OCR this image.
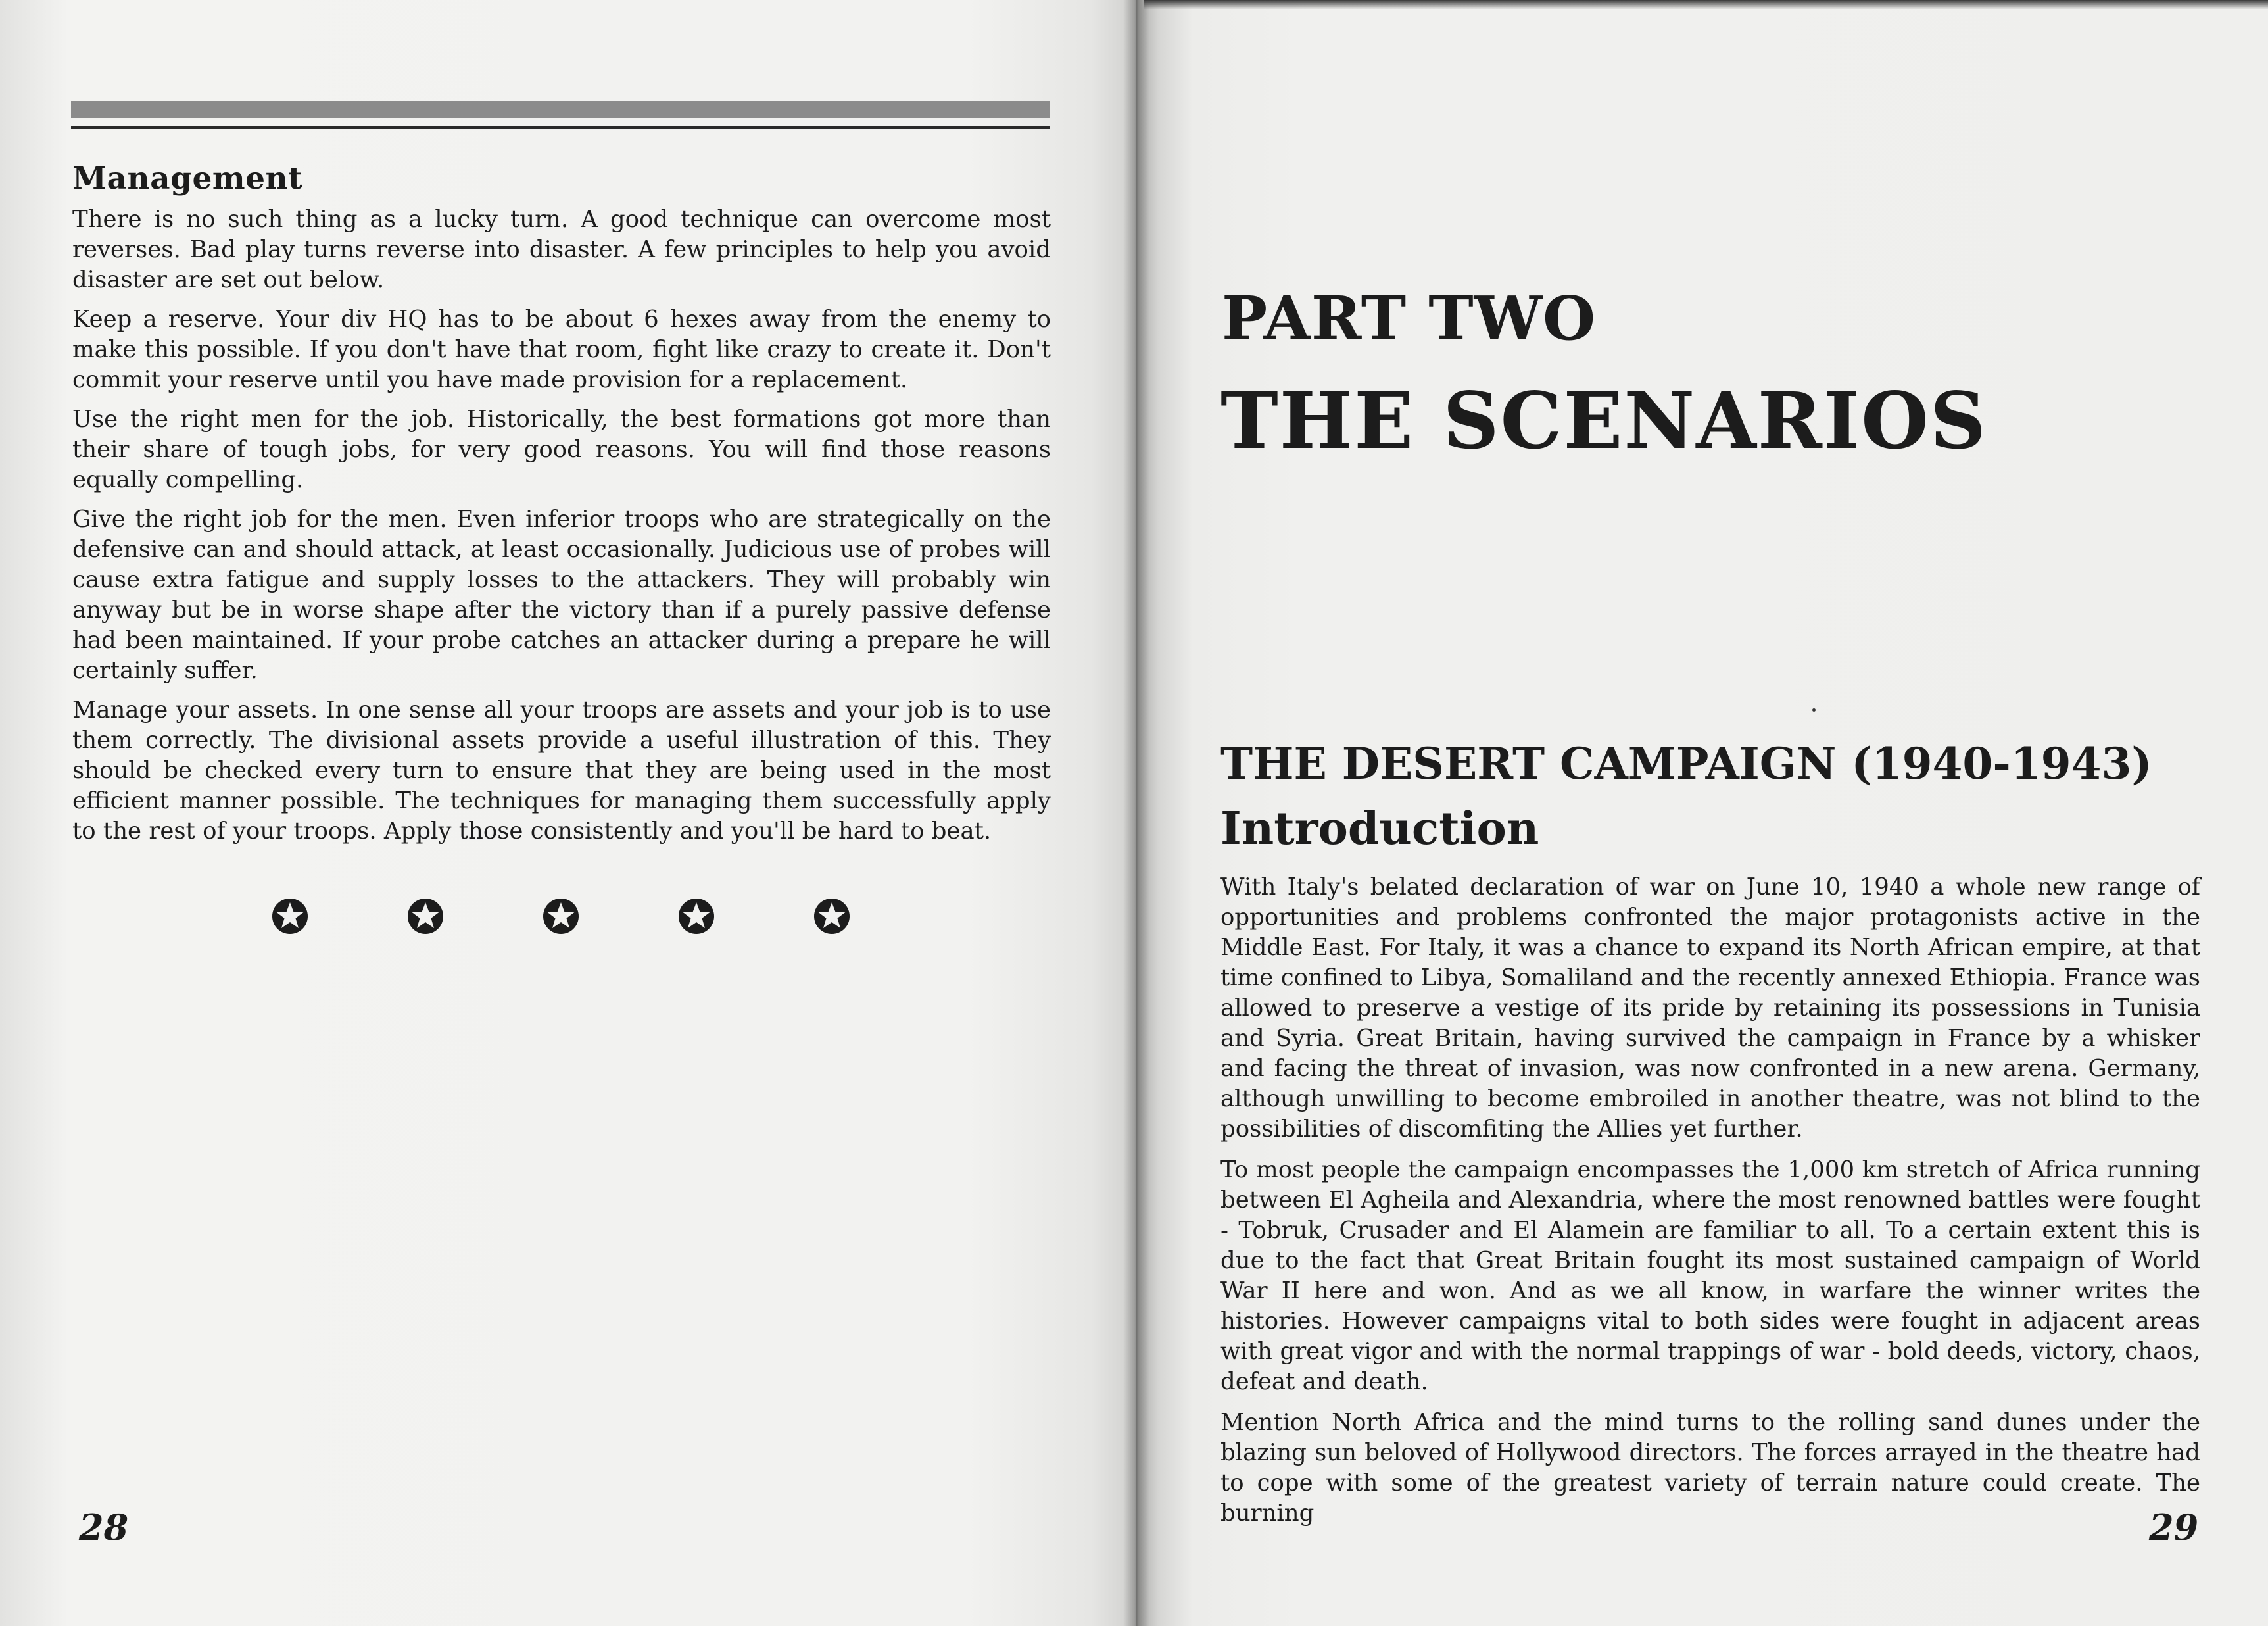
Management

There is no such thing as a lucky turn. A good technique can overcome most reverses. Bad play turns reverse into disaster. A few principles to help you avoid disaster are set out below.

Keep a reserve. Your div HQ has to be about 6 hexes away from the enemy to make this possible. If you don't have that room, fight like crazy to create it. Don't commit your reserve until you have made provision for a replacement.

Use the right men for the job. Historically, the best formations got more than their share of tough jobs, for very good reasons. You will find those reasons equally compelling.

Give the right job for the men. Even inferior troops who are strategically on the defensive can and should attack, at least occasionally. Judicious use of probes will cause extra fatigue and supply losses to the attackers. They will probably win anyway but be in worse shape after the victory than if a purely passive defense had been maintained. If your probe catches an attacker during a prepare he will certainly suffer.

Manage your assets. In one sense all your troops are assets and your job is to use them correctly. The divisional assets provide a useful illustration of this. They should be checked every turn to ensure that they are being used in the most efficient manner possible. The techniques for managing them successfully apply to the rest of your troops. Apply those consistently and you'll be hard to beat.

28
PART TWO
THE SCENARIOS
THE DESERT CAMPAIGN (1940-1943)
Introduction

With Italy's belated declaration of war on June 10, 1940 a whole new range of opportunities and problems confronted the major protagonists active in the Middle East. For Italy, it was a chance to expand its North African empire, at that time confined to Libya, Somaliland and the recently annexed Ethiopia. France was allowed to preserve a vestige of its pride by retaining its possessions in Tunisia and Syria. Great Britain, having survived the campaign in France by a whisker and facing the threat of invasion, was now confronted in a new arena. Germany, although unwilling to become embroiled in another theatre, was not blind to the possibilities of discomfiting the Allies yet further.

To most people the campaign encompasses the 1,000 km stretch of Africa running between El Agheila and Alexandria, where the most renowned battles were fought - Tobruk, Crusader and El Alamein are familiar to all. To a certain extent this is due to the fact that Great Britain fought its most sustained campaign of World War II here and won. And as we all know, in warfare the winner writes the histories. However campaigns vital to both sides were fought in adjacent areas with great vigor and with the normal trappings of war - bold deeds, victory, chaos, defeat and death.

Mention North Africa and the mind turns to the rolling sand dunes under the blazing sun beloved of Hollywood directors. The forces arrayed in the theatre had to cope with some of the greatest variety of terrain nature could create. The burning	29
